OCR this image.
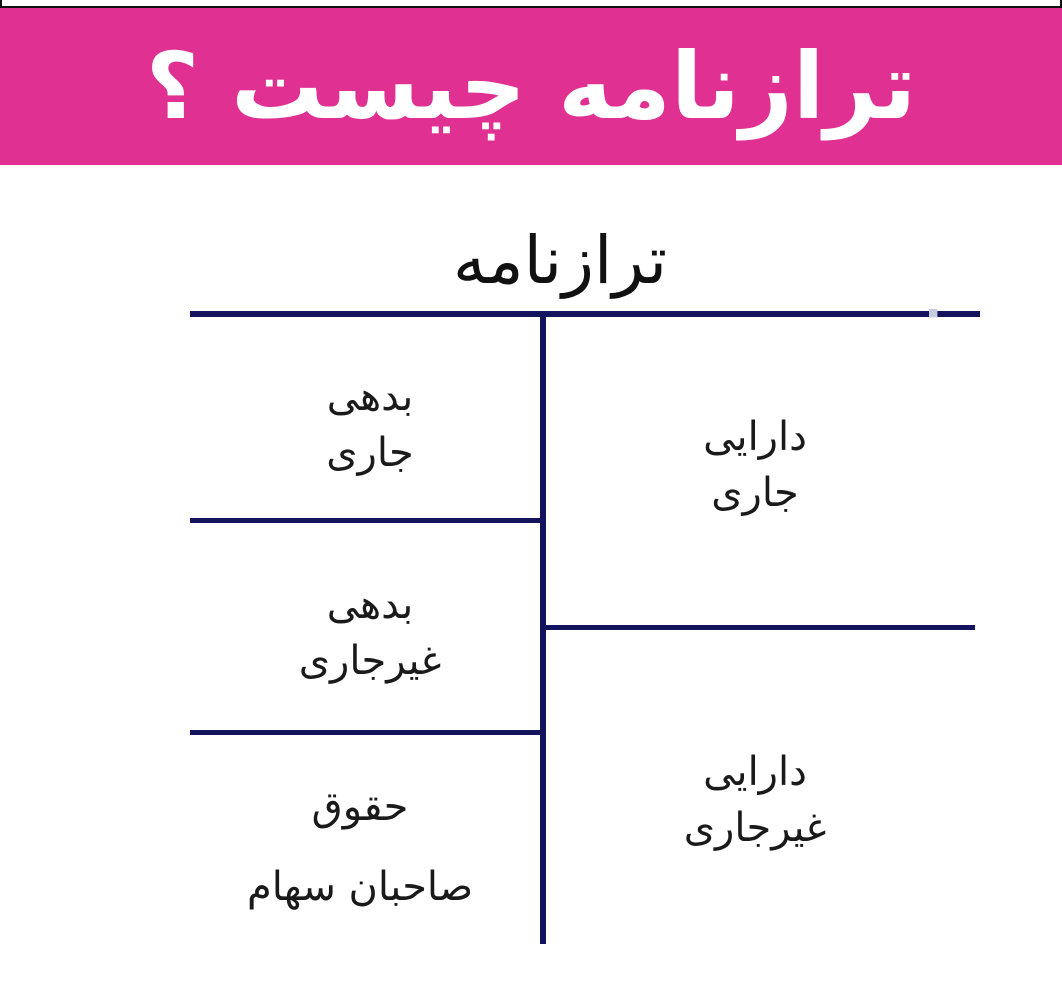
ترازنامه چیست ؟
ترازنامه
■
بدهی
جاری
بدهی
غیرجاری
حقوق
صاحبان سهام
دارایی
جاری
دارایی
غیرجاری
